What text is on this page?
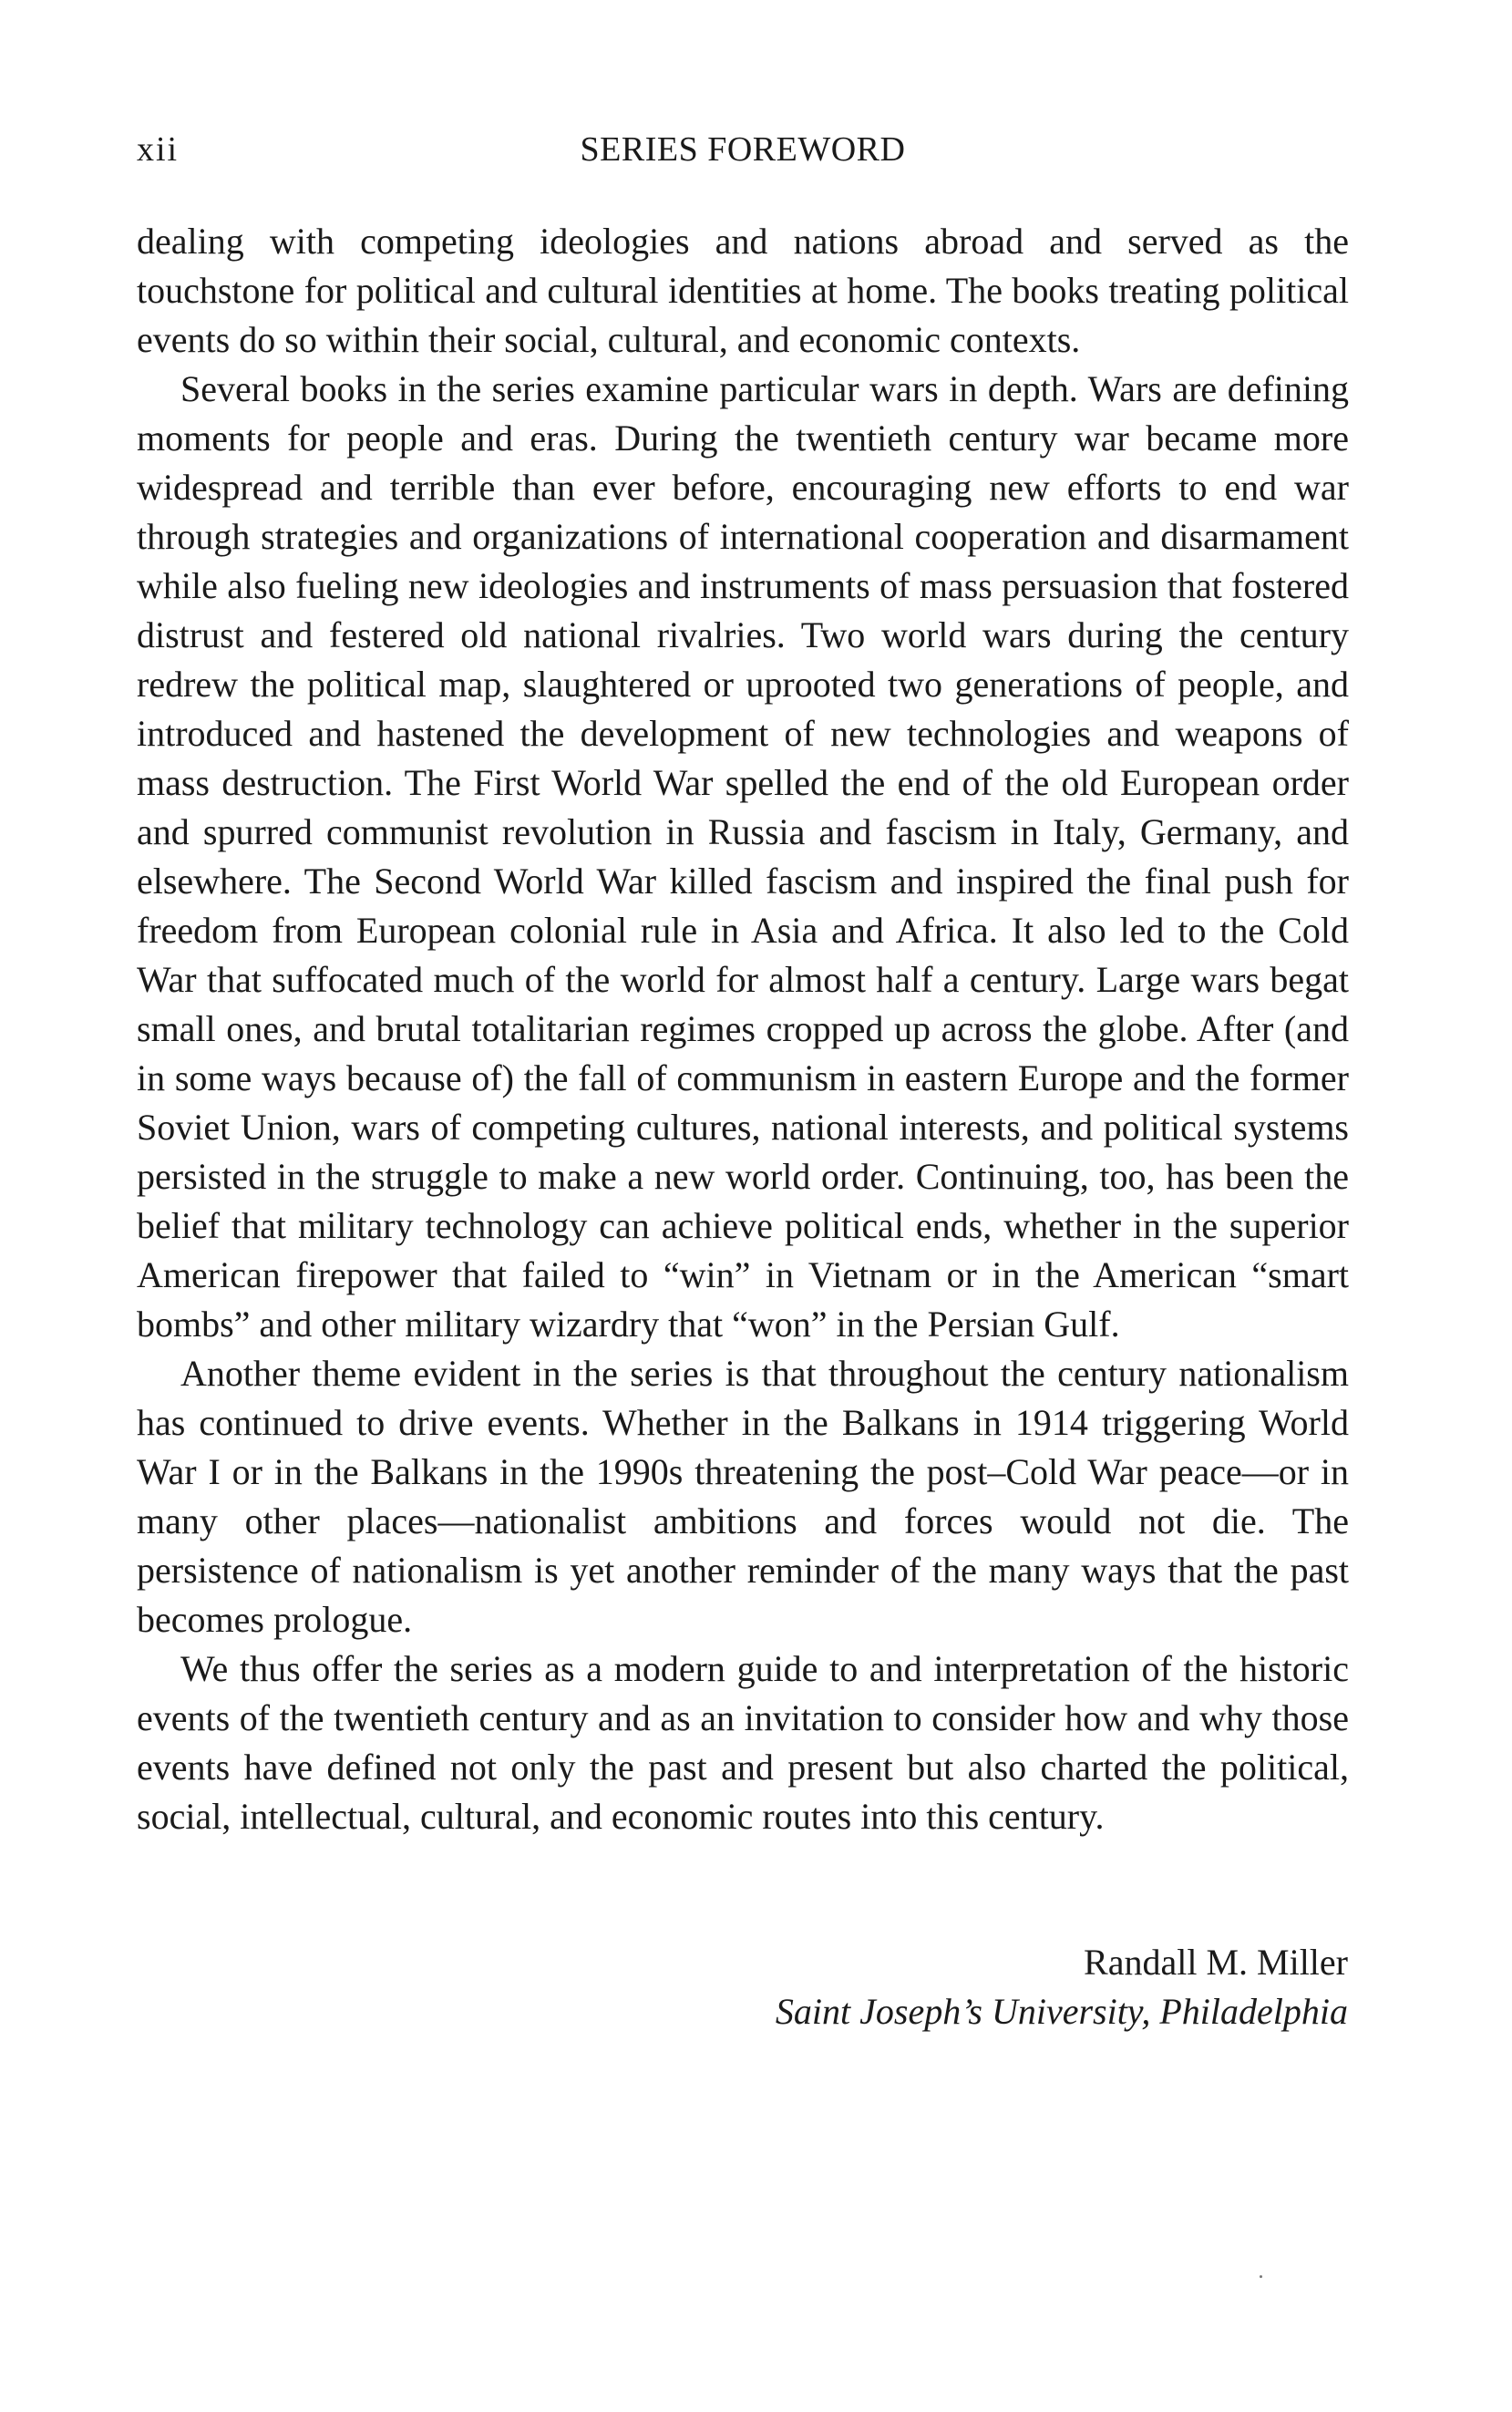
xii	SERIES FOREWORD

dealing with competing ideologies and nations abroad and served as the touchstone for political and cultural identities at home. The books treating political events do so within their social, cultural, and economic contexts.

Several books in the series examine particular wars in depth. Wars are defining moments for people and eras. During the twentieth century war became more widespread and terrible than ever before, encouraging new efforts to end war through strategies and organizations of international cooperation and disarmament while also fueling new ideologies and instruments of mass persuasion that fostered distrust and festered old national rivalries. Two world wars during the century redrew the political map, slaughtered or uprooted two generations of people, and introduced and hastened the development of new technologies and weapons of mass destruction. The First World War spelled the end of the old European order and spurred communist revolution in Russia and fascism in Italy, Germany, and elsewhere. The Second World War killed fascism and inspired the final push for freedom from European colonial rule in Asia and Africa. It also led to the Cold War that suffocated much of the world for almost half a century. Large wars begat small ones, and brutal totalitarian regimes cropped up across the globe. After (and in some ways because of) the fall of communism in eastern Europe and the former Soviet Union, wars of competing cultures, national interests, and political systems persisted in the struggle to make a new world order. Continuing, too, has been the belief that military technology can achieve political ends, whether in the superior American firepower that failed to “win” in Vietnam or in the American “smart bombs” and other military wizardry that “won” in the Persian Gulf.

Another theme evident in the series is that throughout the century nationalism has continued to drive events. Whether in the Balkans in 1914 triggering World War I or in the Balkans in the 1990s threatening the post–Cold War peace—or in many other places—nationalist ambitions and forces would not die. The persistence of nationalism is yet another reminder of the many ways that the past becomes prologue.

We thus offer the series as a modern guide to and interpretation of the historic events of the twentieth century and as an invitation to consider how and why those events have defined not only the past and present but also charted the political, social, intellectual, cultural, and economic routes into this century.

Randall M. Miller
Saint Joseph’s University, Philadelphia
